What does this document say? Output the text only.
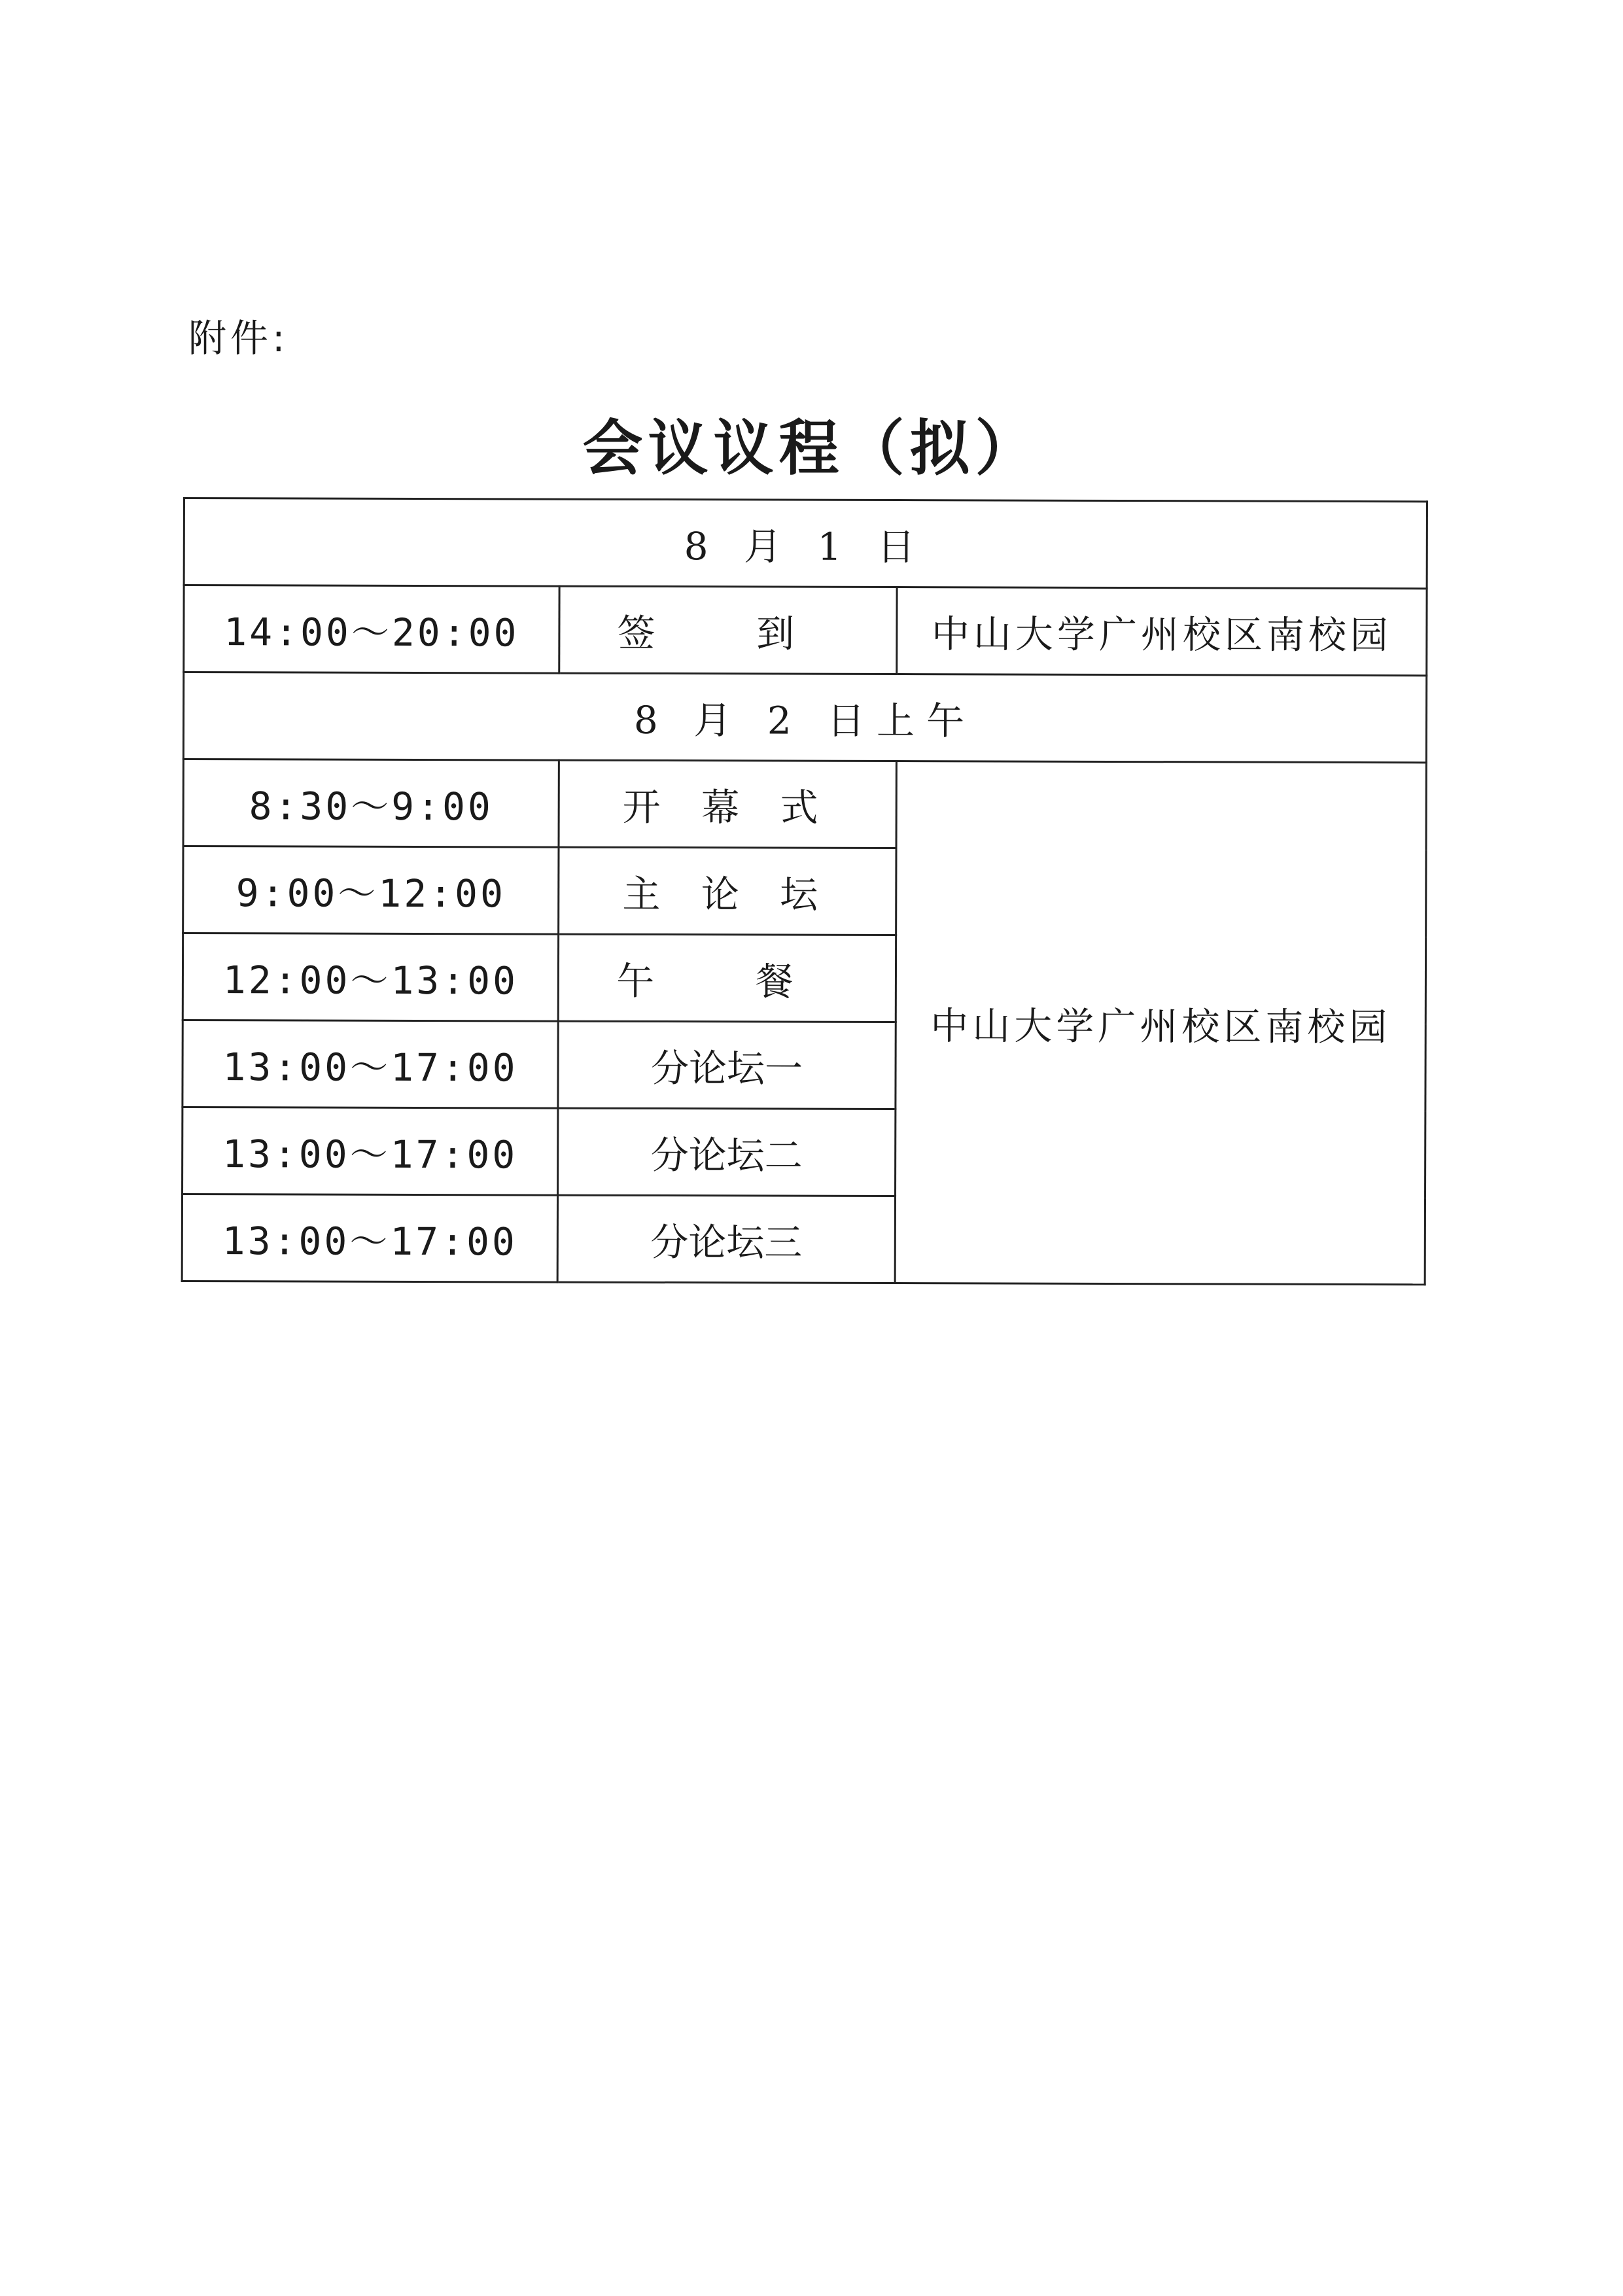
附件:
会议议程（拟）
8 月 1 日		
14:00～20:00	签 到	中山大学广州校区南校园
8 月 2 日上午		
8:30～9:00	开 幕 式	中山大学广州校区南校园
9:00～12:00	主 论 坛	
12:00～13:00	午 餐	
13:00～17:00	分论坛一	
13:00～17:00	分论坛二	
13:00～17:00	分论坛三	
